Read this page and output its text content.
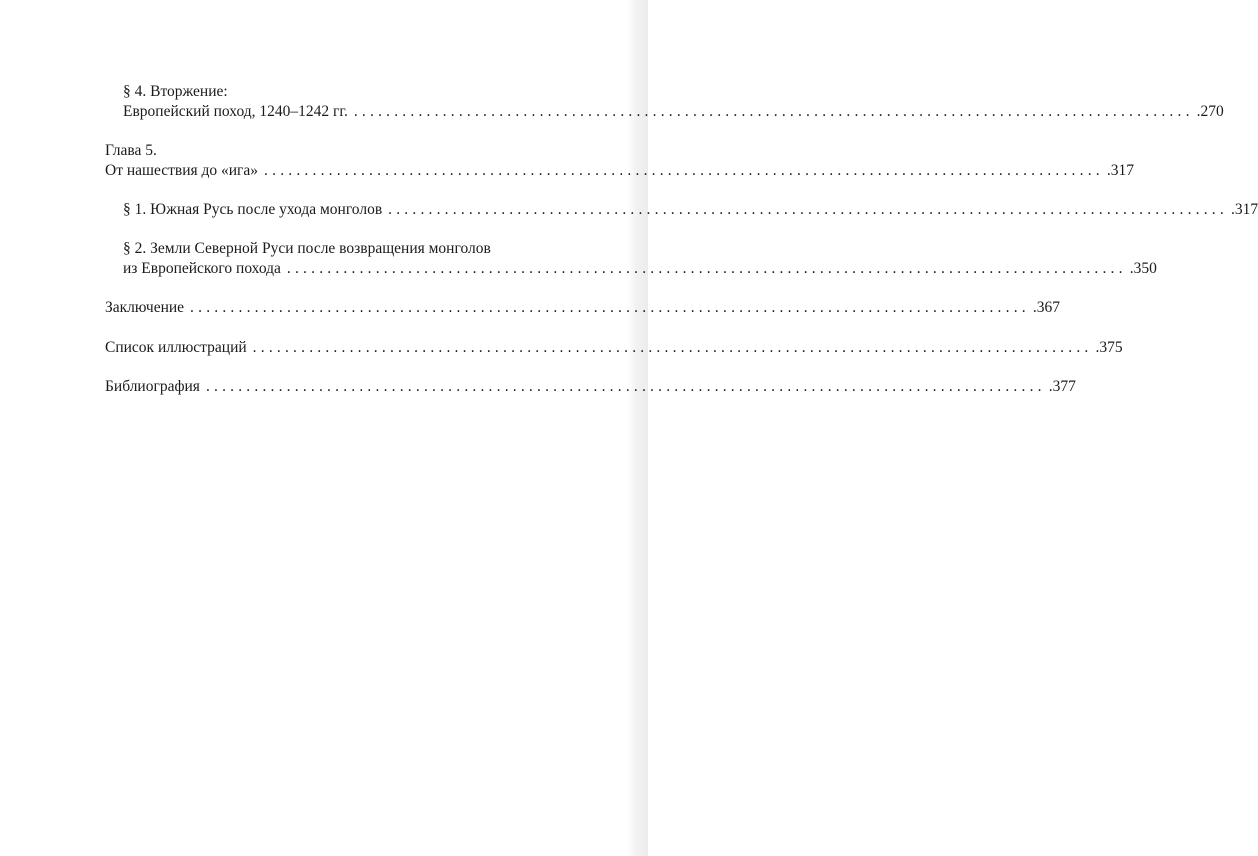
§ 4. Вторжение:
Европейский поход, 1240–1242 гг. ........................................................................................................ .270
Глава 5.
От нашествия до «ига» ........................................................................................................ .317
§ 1. Южная Русь после ухода монголов ........................................................................................................ .317
§ 2. Земли Северной Руси после возвращения монголов
из Европейского похода ........................................................................................................ .350
Заключение ........................................................................................................ .367
Список иллюстраций ........................................................................................................ .375
Библиография ........................................................................................................ .377
